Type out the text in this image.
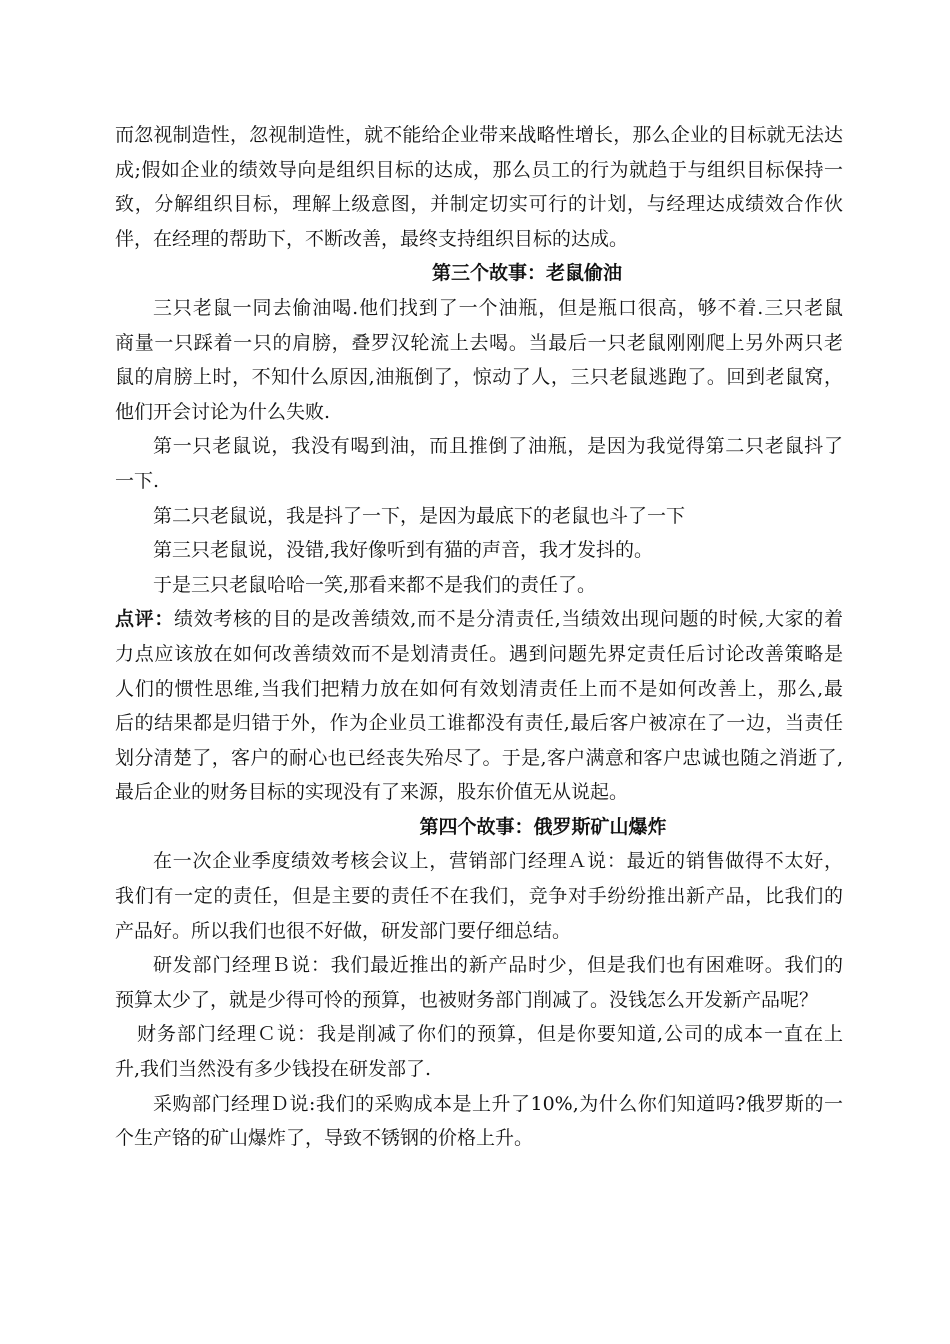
而忽视制造性，忽视制造性，就不能给企业带来战略性增长，那么企业的目标就无法达
成;假如企业的绩效导向是组织目标的达成，那么员工的行为就趋于与组织目标保持一
致，分解组织目标，理解上级意图，并制定切实可行的计划，与经理达成绩效合作伙
伴，在经理的帮助下，不断改善，最终支持组织目标的达成。
第三个故事：老鼠偷油
三只老鼠一同去偷油喝.他们找到了一个油瓶，但是瓶口很高，够不着.三只老鼠
商量一只踩着一只的肩膀，叠罗汉轮流上去喝。当最后一只老鼠刚刚爬上另外两只老
鼠的肩膀上时，不知什么原因,油瓶倒了，惊动了人，三只老鼠逃跑了。回到老鼠窝，
他们开会讨论为什么失败.
第一只老鼠说，我没有喝到油，而且推倒了油瓶，是因为我觉得第二只老鼠抖了
一下.
第二只老鼠说，我是抖了一下，是因为最底下的老鼠也斗了一下
第三只老鼠说，没错,我好像听到有猫的声音，我才发抖的。
于是三只老鼠哈哈一笑,那看来都不是我们的责任了。
点评：绩效考核的目的是改善绩效,而不是分清责任,当绩效出现问题的时候,大家的着
力点应该放在如何改善绩效而不是划清责任。遇到问题先界定责任后讨论改善策略是
人们的惯性思维,当我们把精力放在如何有效划清责任上而不是如何改善上，那么,最
后的结果都是归错于外，作为企业员工谁都没有责任,最后客户被凉在了一边，当责任
划分清楚了，客户的耐心也已经丧失殆尽了。于是,客户满意和客户忠诚也随之消逝了,
最后企业的财务目标的实现没有了来源，股东价值无从说起。
第四个故事：俄罗斯矿山爆炸
在一次企业季度绩效考核会议上，营销部门经理Ａ说：最近的销售做得不太好，
我们有一定的责任，但是主要的责任不在我们，竞争对手纷纷推出新产品，比我们的
产品好。所以我们也很不好做，研发部门要仔细总结。
研发部门经理Ｂ说：我们最近推出的新产品时少，但是我们也有困难呀。我们的
预算太少了，就是少得可怜的预算，也被财务部门削减了。没钱怎么开发新产品呢？
财务部门经理Ｃ说：我是削减了你们的预算，但是你要知道,公司的成本一直在上
升,我们当然没有多少钱投在研发部了.
采购部门经理Ｄ说:我们的采购成本是上升了10%,为什么你们知道吗?俄罗斯的一
个生产铬的矿山爆炸了，导致不锈钢的价格上升。
